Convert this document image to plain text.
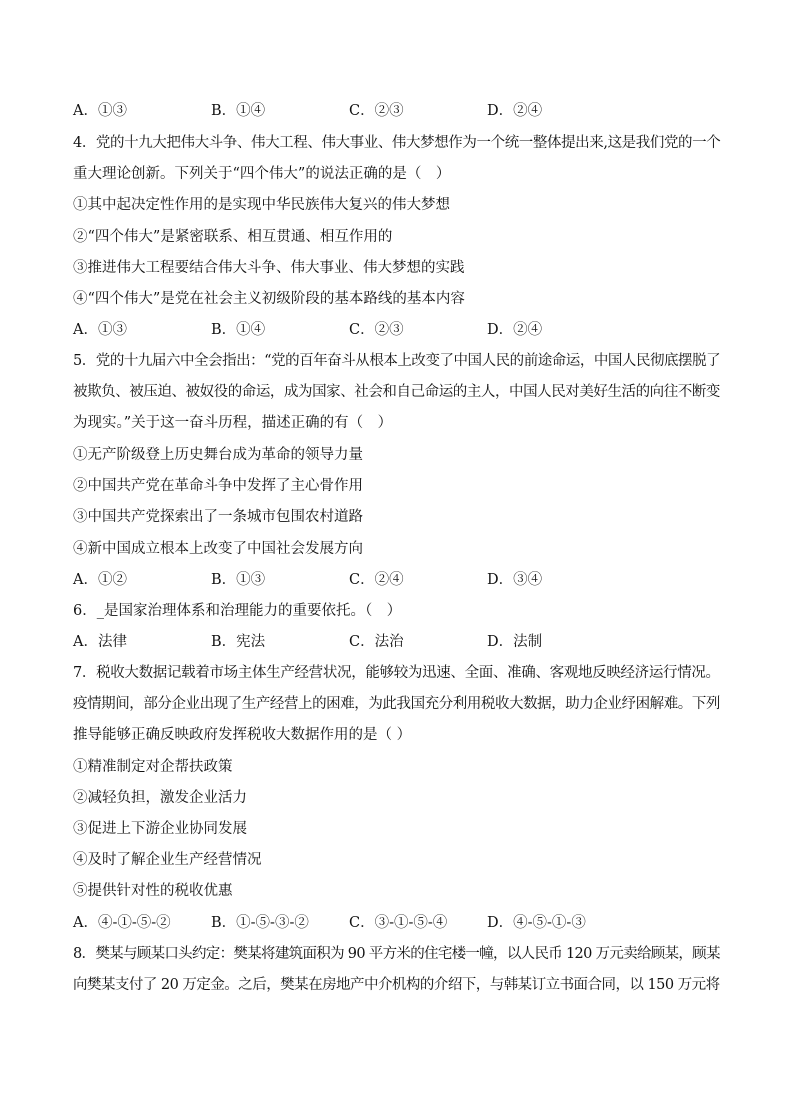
A．①③	B．①④	C．②③	D．②④
4．党的十九大把伟大斗争、伟大工程、伟大事业、伟大梦想作为一个统一整体提出来,这是我们党的一个
重大理论创新。下列关于“四个伟大”的说法正确的是（　）
①其中起决定性作用的是实现中华民族伟大复兴的伟大梦想
②“四个伟大”是紧密联系、相互贯通、相互作用的
③推进伟大工程要结合伟大斗争、伟大事业、伟大梦想的实践
④“四个伟大”是党在社会主义初级阶段的基本路线的基本内容
A．①③	B．①④	C．②③	D．②④
5．党的十九届六中全会指出：“党的百年奋斗从根本上改变了中国人民的前途命运，中国人民彻底摆脱了
被欺负、被压迫、被奴役的命运，成为国家、社会和自己命运的主人，中国人民对美好生活的向往不断变
为现实。”关于这一奋斗历程，描述正确的有（　）
①无产阶级登上历史舞台成为革命的领导力量
②中国共产党在革命斗争中发挥了主心骨作用
③中国共产党探索出了一条城市包围农村道路
④新中国成立根本上改变了中国社会发展方向
A．①②	B．①③	C．②④	D．③④
6．_是国家治理体系和治理能力的重要依托。（　）
A．法律	B．宪法	C．法治	D．法制
7．税收大数据记载着市场主体生产经营状况，能够较为迅速、全面、准确、客观地反映经济运行情况。
疫情期间，部分企业出现了生产经营上的困难，为此我国充分利用税收大数据，助力企业纾困解难。下列
推导能够正确反映政府发挥税收大数据作用的是（ ）
①精准制定对企帮扶政策
②减轻负担，激发企业活力
③促进上下游企业协同发展
④及时了解企业生产经营情况
⑤提供针对性的税收优惠
A．④-①-⑤-②	B．①-⑤-③-②	C．③-①-⑤-④	D．④-⑤-①-③
8．樊某与顾某口头约定：樊某将建筑面积为 90 平方米的住宅楼一幢，以人民币 120 万元卖给顾某，顾某
向樊某支付了 20 万定金。之后，樊某在房地产中介机构的介绍下，与韩某订立书面合同，以 150 万元将
